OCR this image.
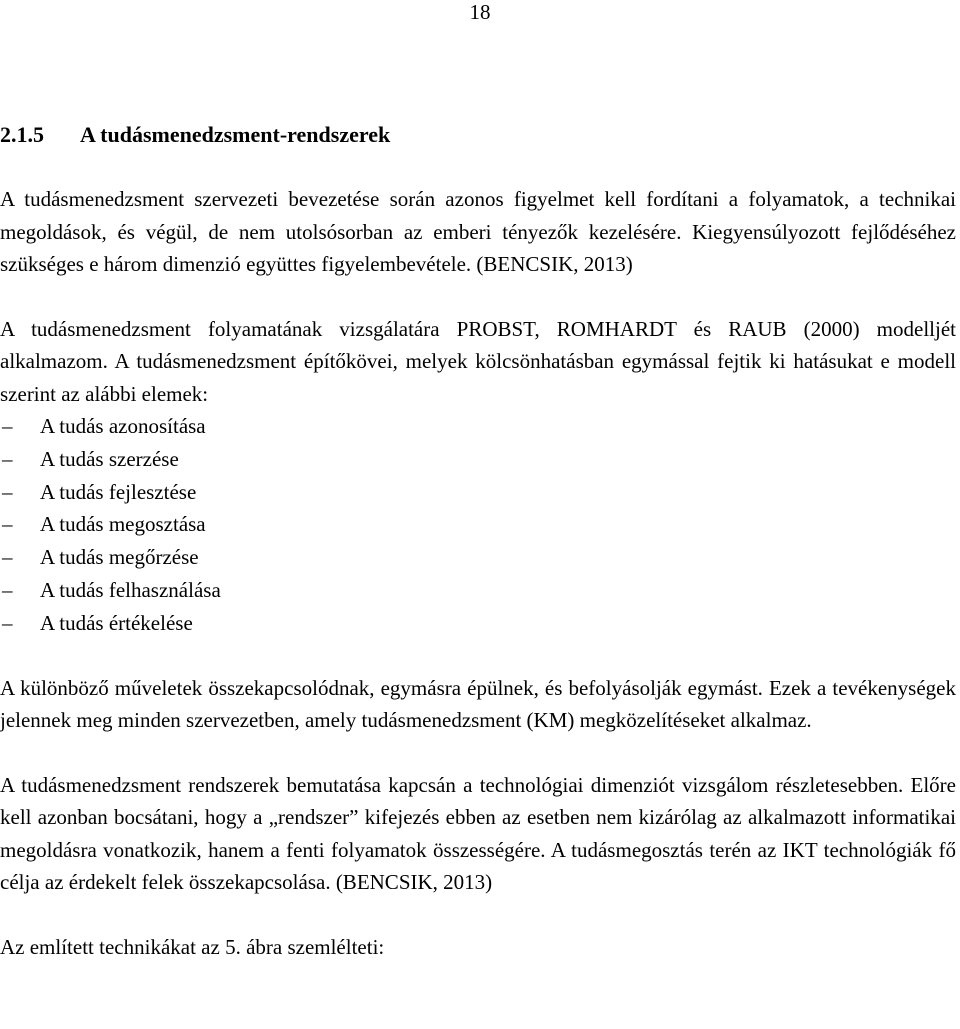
18
2.1.5 A tudásmenedzsment-rendszerek

A tudásmenedzsment szervezeti bevezetése során azonos figyelmet kell fordítani a folyamatok, a technikai megoldások, és végül, de nem utolsósorban az emberi tényezők kezelésére. Kiegyensúlyozott fejlődéséhez szükséges e három dimenzió együttes figyelembevétele. (BENCSIK, 2013)

A tudásmenedzsment folyamatának vizsgálatára PROBST, ROMHARDT és RAUB (2000) modelljét alkalmazom. A tudásmenedzsment építőkövei, melyek kölcsönhatásban egymással fejtik ki hatásukat e modell szerint az alábbi elemek:

– A tudás azonosítása
– A tudás szerzése
– A tudás fejlesztése
– A tudás megosztása
– A tudás megőrzése
– A tudás felhasználása
– A tudás értékelése

A különböző műveletek összekapcsolódnak, egymásra épülnek, és befolyásolják egymást. Ezek a tevékenységek jelennek meg minden szervezetben, amely tudásmenedzsment (KM) megközelítéseket alkalmaz.

A tudásmenedzsment rendszerek bemutatása kapcsán a technológiai dimenziót vizsgálom részletesebben. Előre kell azonban bocsátani, hogy a „rendszer” kifejezés ebben az esetben nem kizárólag az alkalmazott informatikai megoldásra vonatkozik, hanem a fenti folyamatok összességére. A tudásmegosztás terén az IKT technológiák fő célja az érdekelt felek összekapcsolása. (BENCSIK, 2013)

Az említett technikákat az 5. ábra szemlélteti:
